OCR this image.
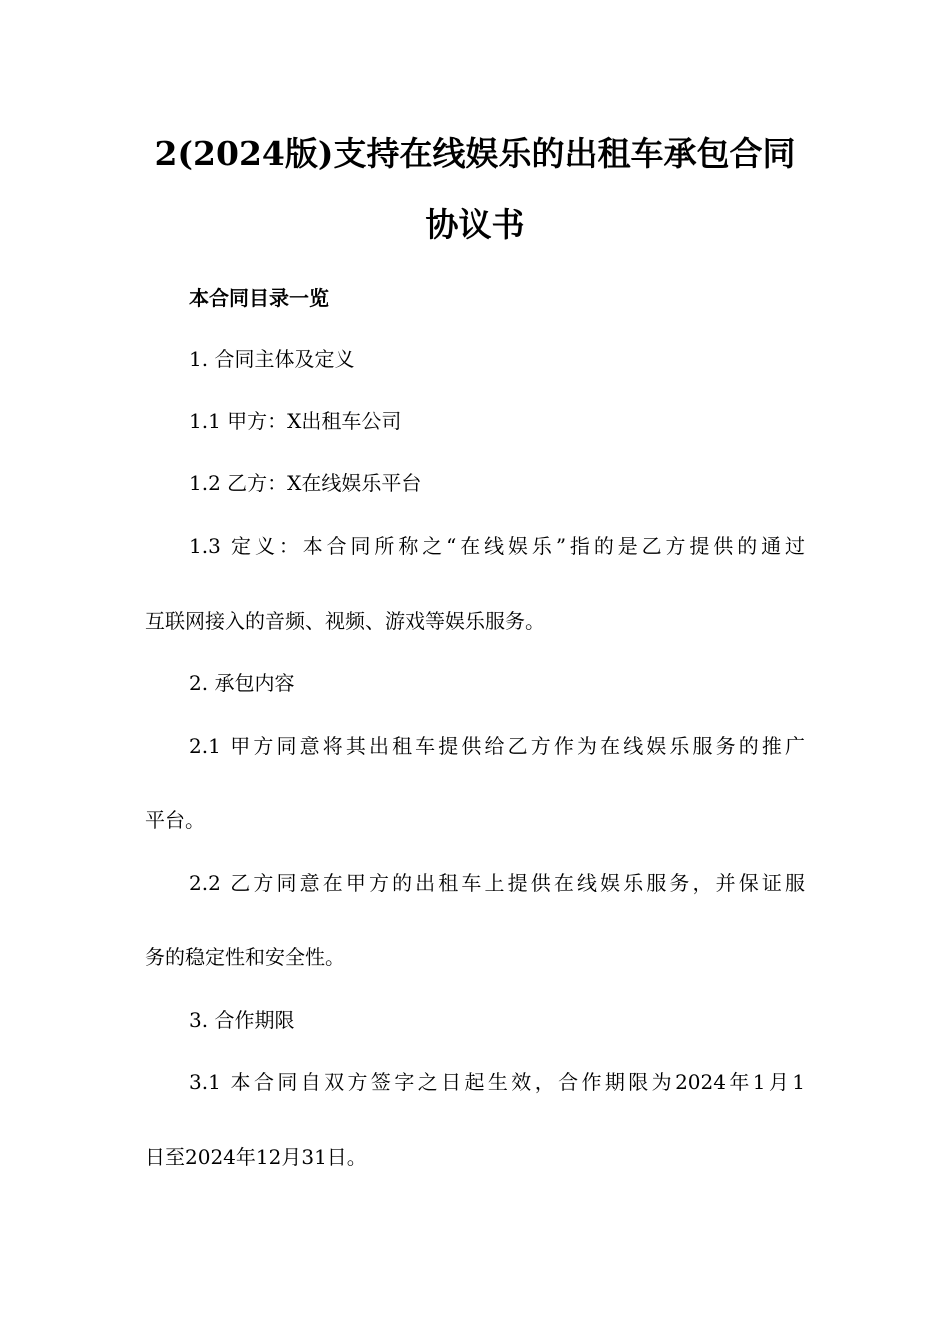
2(2024版)支持在线娱乐的出租车承包合同
协议书

本合同目录一览

1. 合同主体及定义

1.1 甲方：X出租车公司

1.2 乙方：X在线娱乐平台

1.3 定义：本合同所称之“在线娱乐”指的是乙方提供的通过

互联网接入的音频、视频、游戏等娱乐服务。

2. 承包内容

2.1 甲方同意将其出租车提供给乙方作为在线娱乐服务的推广

平台。

2.2 乙方同意在甲方的出租车上提供在线娱乐服务，并保证服

务的稳定性和安全性。

3. 合作期限

3.1 本合同自双方签字之日起生效，合作期限为2024年1月1

日至2024年12月31日。
